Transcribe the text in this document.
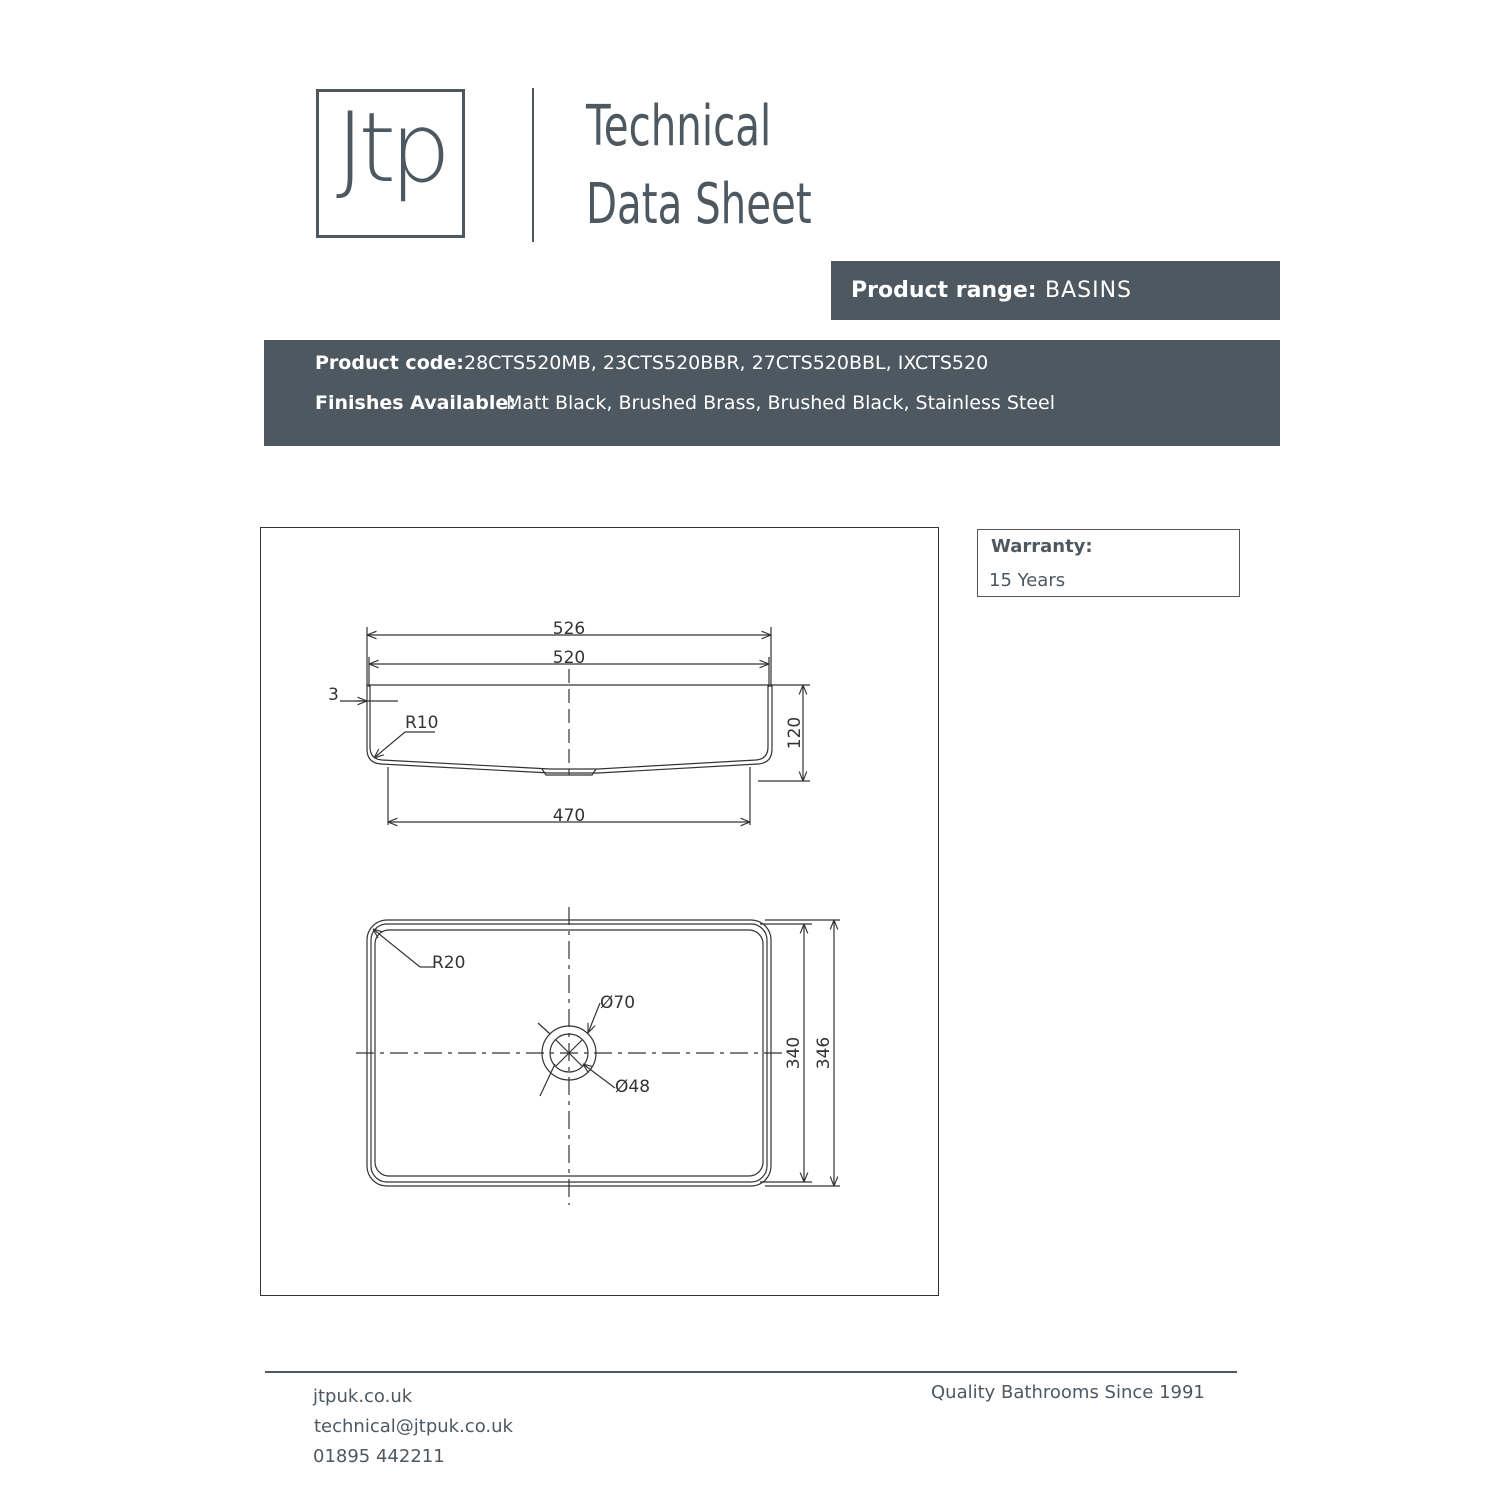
Jtp	Technical
Data Sheet
Product range: BASINS
Product code: 28CTS520MB, 23CTS520BBR, 27CTS520BBL, IXCTS520
Finishes Available:
Matt Black, Brushed Brass, Brushed Black, Stainless Steel
526
520
3
R10	120
470
R20
Ø70
Ø48
340 346
Warranty:
15 Years
jtpuk.co.uk
technical@jtpuk.co.uk
01895 442211
Quality Bathrooms Since 1991
